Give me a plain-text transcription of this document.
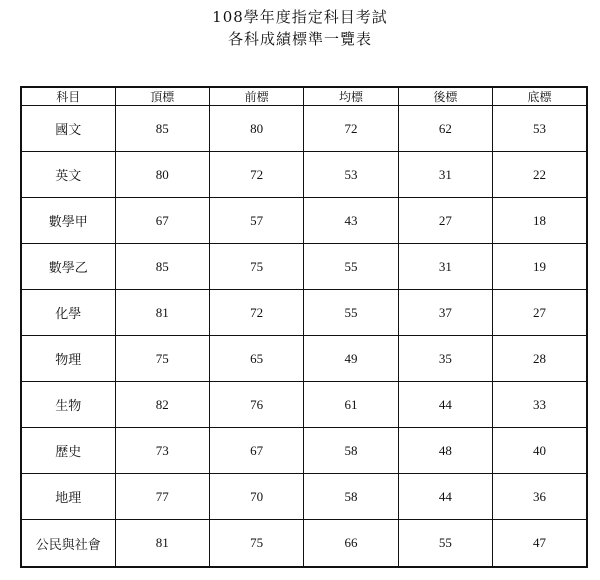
108學年度指定科目考試
各科成績標準一覽表
科目	頂標	前標	均標	後標	底標
國文	85	80	72	62	53
英文	80	72	53	31	22
數學甲	67	57	43	27	18
數學乙	85	75	55	31	19
化學	81	72	55	37	27
物理	75	65	49	35	28
生物	82	76	61	44	33
歷史	73	67	58	48	40
地理	77	70	58	44	36
公民與社會	81	75	66	55	47
